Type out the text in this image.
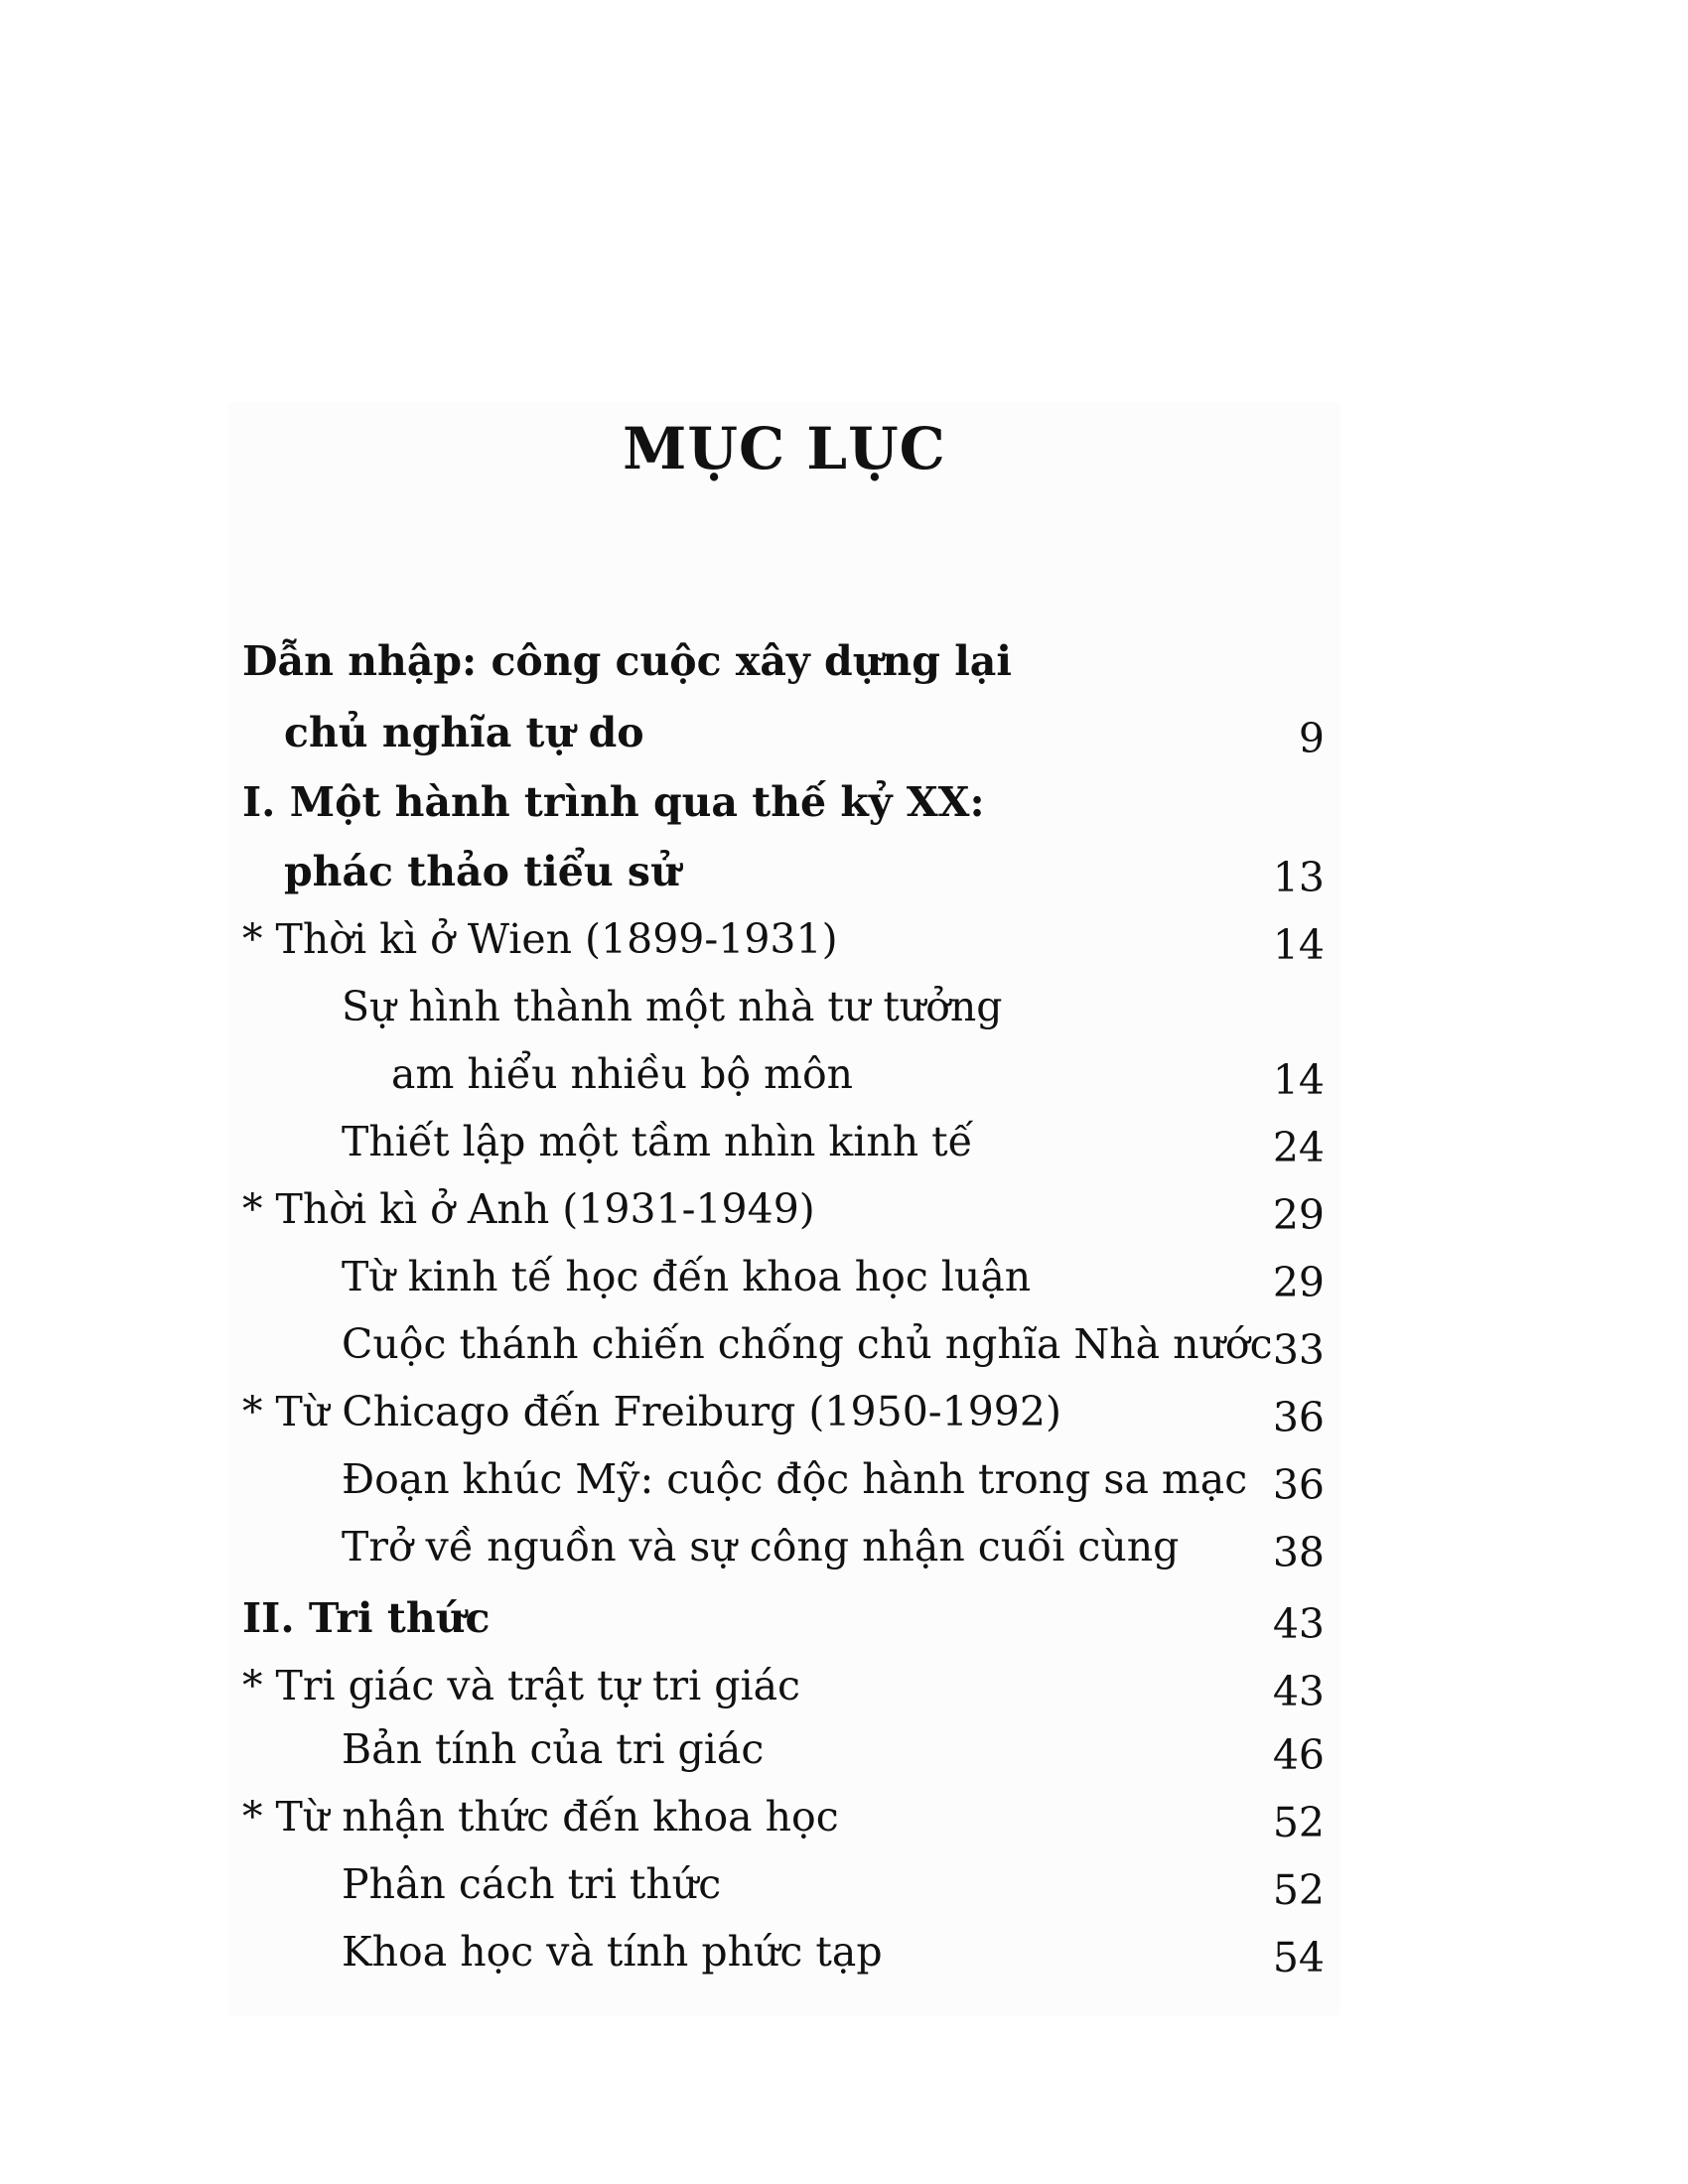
MỤC LỤC
Dẫn nhập: công cuộc xây dựng lại
chủ nghĩa tự do	9
I. Một hành trình qua thế kỷ XX:
phác thảo tiểu sử	13
* Thời kì ở Wien (1899-1931)	14
Sự hình thành một nhà tư tưởng
am hiểu nhiều bộ môn	14
Thiết lập một tầm nhìn kinh tế	24
* Thời kì ở Anh (1931-1949)	29
Từ kinh tế học đến khoa học luận	29
Cuộc thánh chiến chống chủ nghĩa Nhà nước 33
* Từ Chicago đến Freiburg (1950-1992)	36
Đoạn khúc Mỹ: cuộc độc hành trong sa mạc 36
Trở về nguồn và sự công nhận cuối cùng 38
II. Tri thức	43
* Tri giác và trật tự tri giác	43
Bản tính của tri giác	46
* Từ nhận thức đến khoa học	52
Phân cách tri thức	52
Khoa học và tính phức tạp	54
